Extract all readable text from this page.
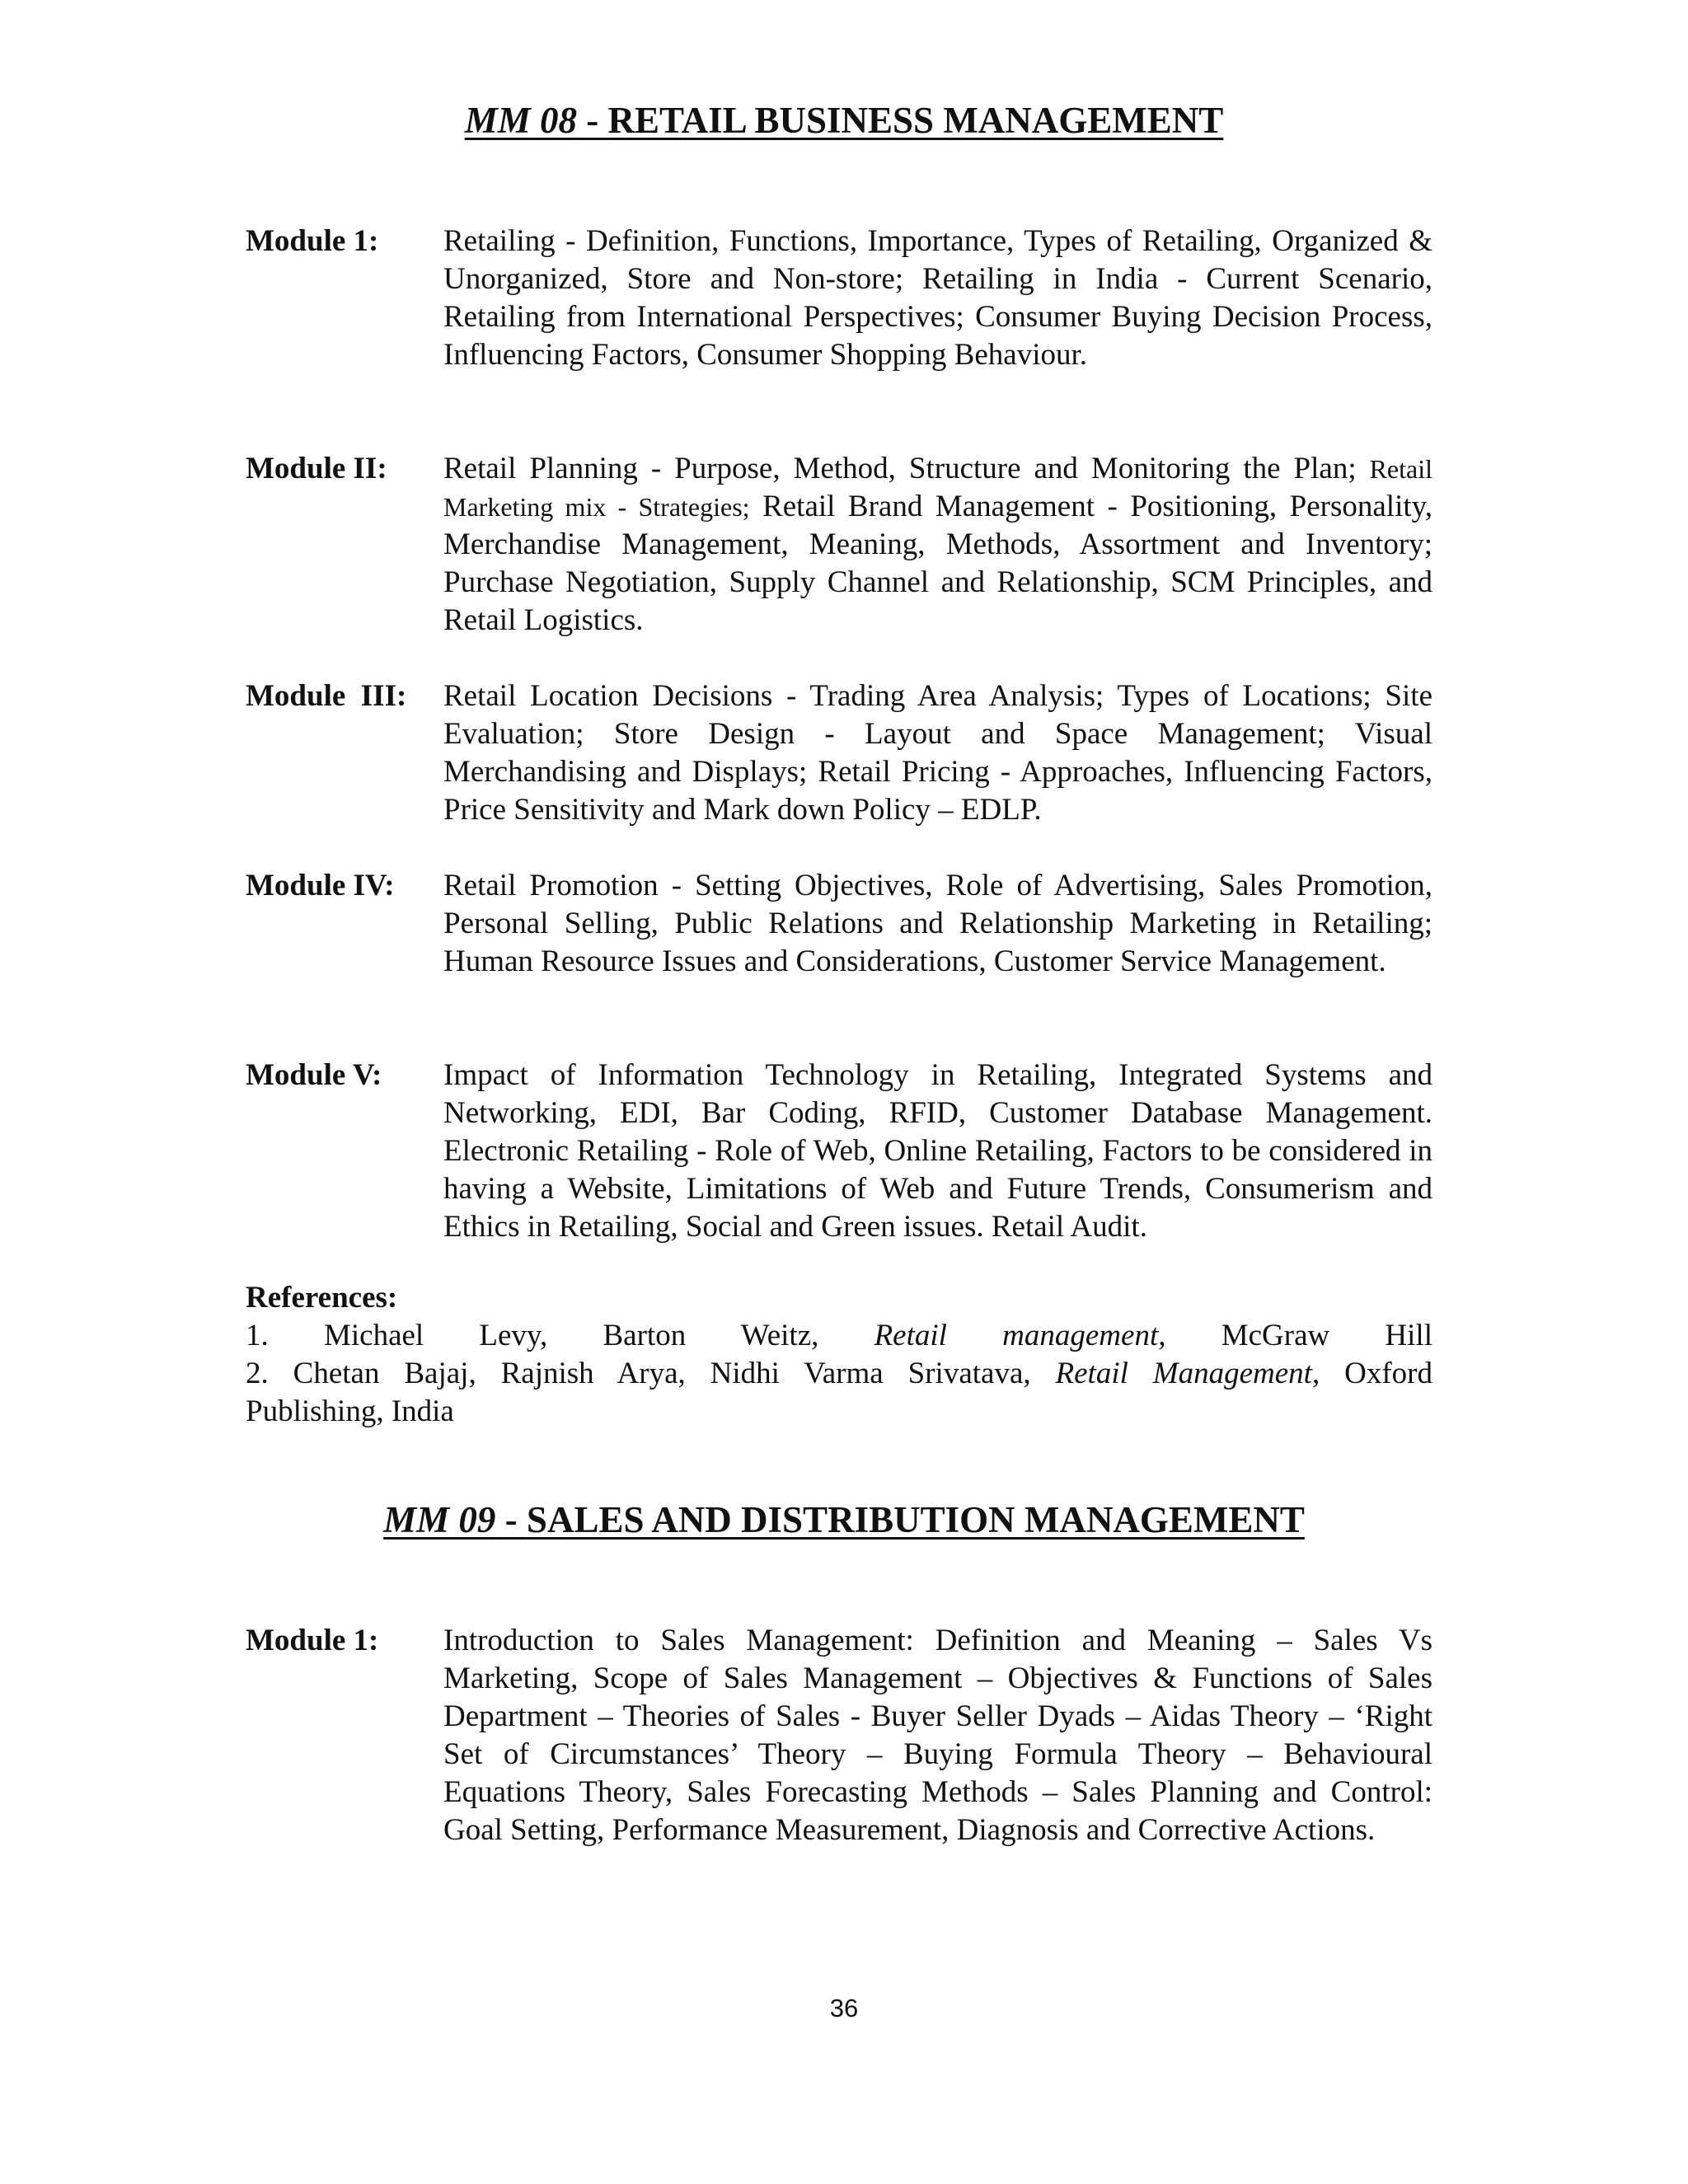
MM 08 - RETAIL BUSINESS MANAGEMENT
Module 1: Retailing - Definition, Functions, Importance, Types of Retailing, Organized & Unorganized, Store and Non-store; Retailing in India - Current Scenario, Retailing from International Perspectives; Consumer Buying Decision Process, Influencing Factors, Consumer Shopping Behaviour.
Module II: Retail Planning - Purpose, Method, Structure and Monitoring the Plan; Retail Marketing mix - Strategies; Retail Brand Management - Positioning, Personality, Merchandise Management, Meaning, Methods, Assortment and Inventory; Purchase Negotiation, Supply Channel and Relationship, SCM Principles, and Retail Logistics.
Module  III: Retail Location Decisions - Trading Area Analysis; Types of Locations; Site Evaluation; Store Design - Layout and Space Management; Visual Merchandising and Displays; Retail Pricing - Approaches, Influencing Factors, Price Sensitivity and Mark down Policy – EDLP.
Module IV: Retail Promotion - Setting Objectives, Role of Advertising, Sales Promotion, Personal Selling, Public Relations and Relationship Marketing in Retailing; Human Resource Issues and Considerations, Customer Service Management.
Module V: Impact of Information Technology in Retailing, Integrated Systems and Networking, EDI, Bar Coding, RFID, Customer Database Management. Electronic Retailing - Role of Web, Online Retailing, Factors to be considered in having a Website, Limitations of Web and Future Trends, Consumerism and Ethics in Retailing, Social and Green issues. Retail Audit.
References:
1. Michael Levy, Barton Weitz, Retail management, McGraw Hill
2. Chetan Bajaj, Rajnish Arya, Nidhi Varma Srivatava, Retail Management, Oxford
Publishing, India
MM 09 - SALES AND DISTRIBUTION MANAGEMENT
Module 1: Introduction to Sales Management: Definition and Meaning – Sales Vs Marketing, Scope of Sales Management – Objectives & Functions of Sales Department – Theories of Sales - Buyer Seller Dyads – Aidas Theory – ‘Right Set of Circumstances’ Theory – Buying Formula Theory – Behavioural Equations Theory, Sales Forecasting Methods – Sales Planning and Control: Goal Setting, Performance Measurement, Diagnosis and Corrective Actions.
36
